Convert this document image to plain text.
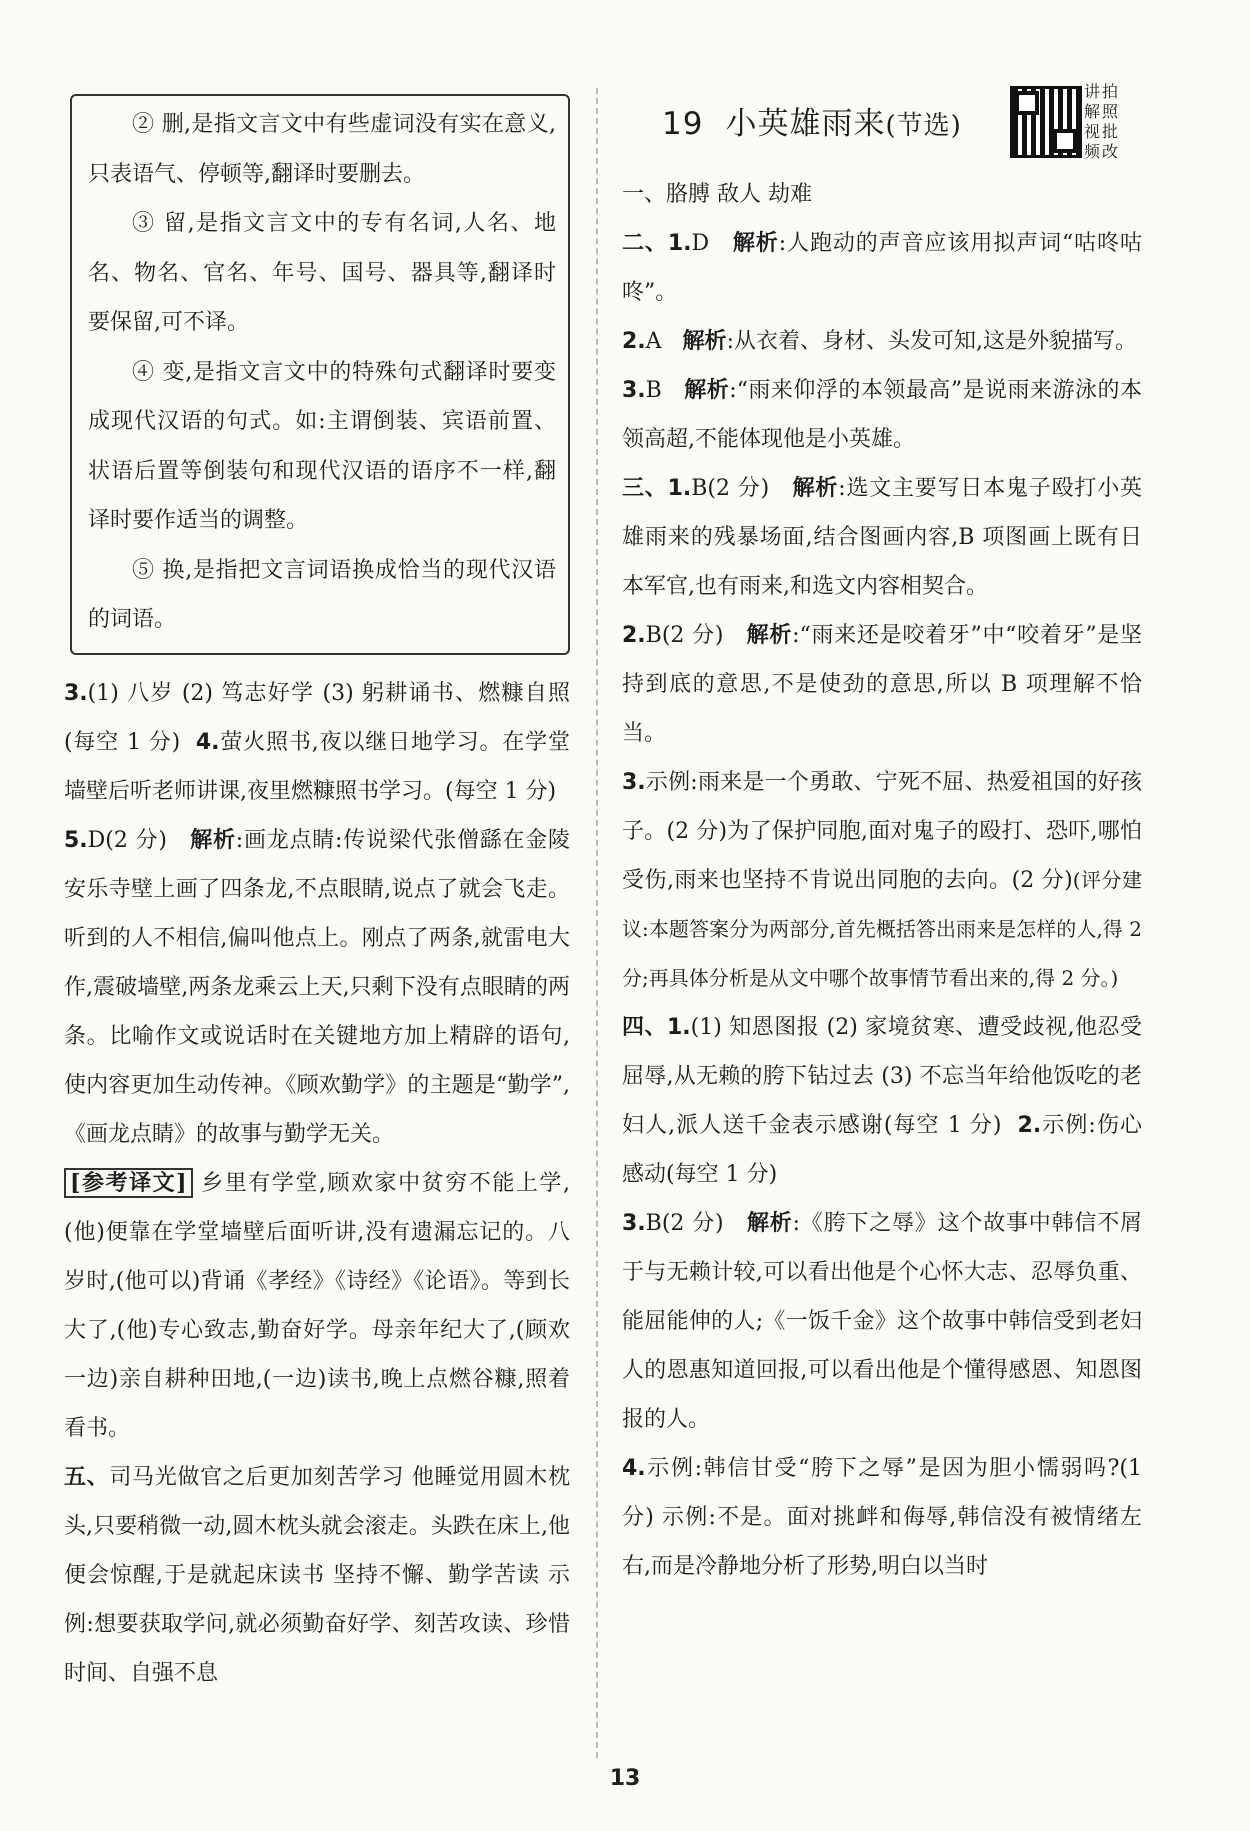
② 删,是指文言文中有些虚词没有实在意义,只表语气、停顿等,翻译时要删去。

③ 留,是指文言文中的专有名词,人名、地名、物名、官名、年号、国号、器具等,翻译时要保留,可不译。

④ 变,是指文言文中的特殊句式翻译时要变成现代汉语的句式。如:主谓倒装、宾语前置、状语后置等倒装句和现代汉语的语序不一样,翻译时要作适当的调整。

⑤ 换,是指把文言词语换成恰当的现代汉语的词语。

3.(1) 八岁 (2) 笃志好学 (3) 躬耕诵书、燃糠自照(每空 1 分) 4.萤火照书,夜以继日地学习。在学堂墙壁后听老师讲课,夜里燃糠照书学习。(每空 1 分)

5.D(2 分) 解析:画龙点睛:传说梁代张僧繇在金陵安乐寺壁上画了四条龙,不点眼睛,说点了就会飞走。听到的人不相信,偏叫他点上。刚点了两条,就雷电大作,震破墙壁,两条龙乘云上天,只剩下没有点眼睛的两条。比喻作文或说话时在关键地方加上精辟的语句,使内容更加生动传神。《顾欢勤学》的主题是“勤学”,《画龙点睛》的故事与勤学无关。

[参考译文] 乡里有学堂,顾欢家中贫穷不能上学,(他)便靠在学堂墙壁后面听讲,没有遗漏忘记的。八岁时,(他可以)背诵《孝经》《诗经》《论语》。等到长大了,(他)专心致志,勤奋好学。母亲年纪大了,(顾欢一边)亲自耕种田地,(一边)读书,晚上点燃谷糠,照着看书。

五、司马光做官之后更加刻苦学习 他睡觉用圆木枕头,只要稍微一动,圆木枕头就会滚走。头跌在床上,他便会惊醒,于是就起床读书 坚持不懈、勤学苦读 示例:想要获取学问,就必须勤奋好学、刻苦攻读、珍惜时间、自强不息

19 小英雄雨来(节选)
讲拍
解照
视批
频改

一、胳膊 敌人 劫难

二、1.D 解析:人跑动的声音应该用拟声词“咕咚咕咚”。

2.A 解析:从衣着、身材、头发可知,这是外貌描写。

3.B 解析:“雨来仰浮的本领最高”是说雨来游泳的本领高超,不能体现他是小英雄。

三、1.B(2 分) 解析:选文主要写日本鬼子殴打小英雄雨来的残暴场面,结合图画内容,B 项图画上既有日本军官,也有雨来,和选文内容相契合。

2.B(2 分) 解析:“雨来还是咬着牙”中“咬着牙”是坚持到底的意思,不是使劲的意思,所以 B 项理解不恰当。

3.示例:雨来是一个勇敢、宁死不屈、热爱祖国的好孩子。(2 分)为了保护同胞,面对鬼子的殴打、恐吓,哪怕受伤,雨来也坚持不肯说出同胞的去向。(2 分)(评分建议:本题答案分为两部分,首先概括答出雨来是怎样的人,得 2 分;再具体分析是从文中哪个故事情节看出来的,得 2 分。)

四、1.(1) 知恩图报 (2) 家境贫寒、遭受歧视,他忍受屈辱,从无赖的胯下钻过去 (3) 不忘当年给他饭吃的老妇人,派人送千金表示感谢(每空 1 分) 2.示例:伤心 感动(每空 1 分)

3.B(2 分) 解析:《胯下之辱》这个故事中韩信不屑于与无赖计较,可以看出他是个心怀大志、忍辱负重、能屈能伸的人;《一饭千金》这个故事中韩信受到老妇人的恩惠知道回报,可以看出他是个懂得感恩、知恩图报的人。

4.示例:韩信甘受“胯下之辱”是因为胆小懦弱吗?(1 分) 示例:不是。面对挑衅和侮辱,韩信没有被情绪左右,而是冷静地分析了形势,明白以当时

13
